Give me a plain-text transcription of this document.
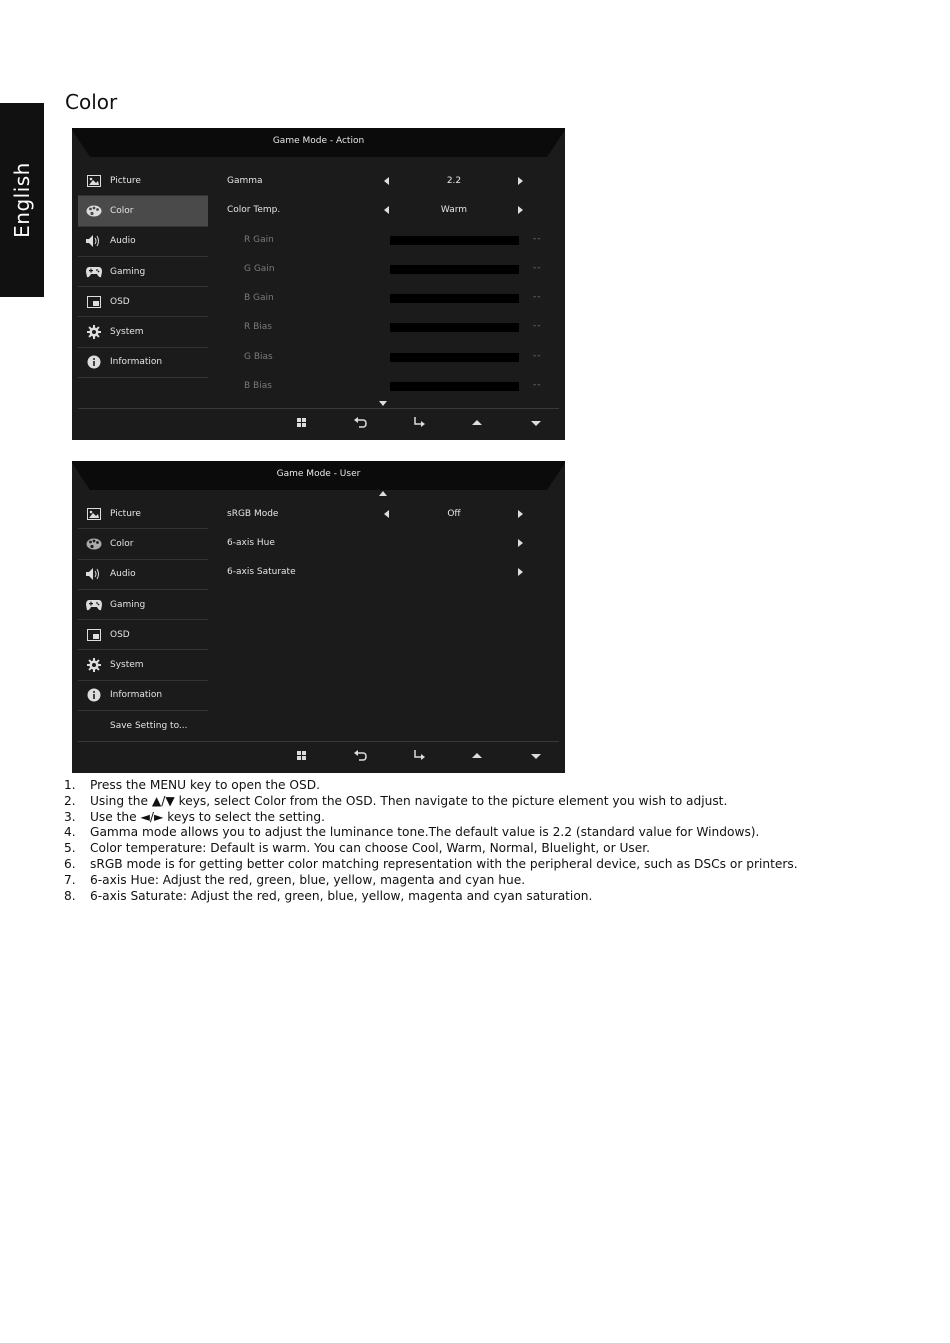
English
Color
Game Mode - Action
Picture
Color
Audio
Gaming
OSD
System
Information
Gamma	2.2
Color Temp.	Warm
R Gain	--
G Gain	--
B Gain	--
R Bias	--
G Bias	--
B Bias	--
Game Mode - User
Picture
Color
Audio
Gaming
OSD
System
Information
Save Setting to...
sRGB Mode	Off
6-axis Hue
6-axis Saturate
1. Press the MENU key to open the OSD.
2. Using the ▲/▼ keys, select Color from the OSD. Then navigate to the picture element you wish to adjust.
3. Use the ◄/► keys to select the setting.
4. Gamma mode allows you to adjust the luminance tone.The default value is 2.2 (standard value for Windows).
5. Color temperature: Default is warm. You can choose Cool, Warm, Normal, Bluelight, or User.
6. sRGB mode is for getting better color matching representation with the peripheral device, such as DSCs or printers.
7. 6-axis Hue: Adjust the red, green, blue, yellow, magenta and cyan hue.
8. 6-axis Saturate: Adjust the red, green, blue, yellow, magenta and cyan saturation.
